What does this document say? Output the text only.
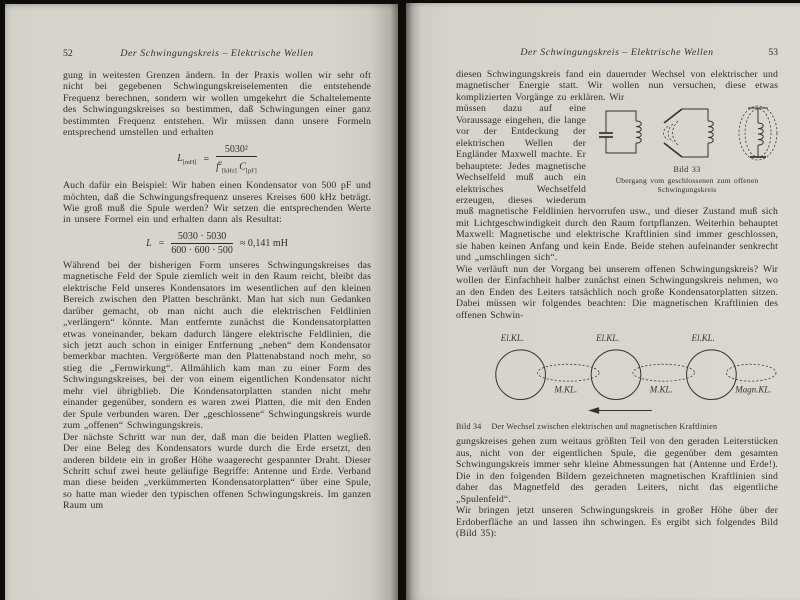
52	Der Schwingungskreis – Elektrische Wellen

gung in weitesten Grenzen ändern. In der Praxis wollen wir sehr oft nicht bei gegebenen Schwingungskreiselementen die entstehende Frequenz berechnen, sondern wir wollen umgekehrt die Schaltelemente des Schwingungskreises so bestimmen, daß Schwingungen einer ganz bestimmten Frequenz entstehen. Wir müssen dann unsere Formeln entsprechend umstellen und erhalten

$L_{[mH]} = \frac{\text{5030²}}{f^2_{[kHz]} C_{[pF]}}$

Auch dafür ein Beispiel: Wir haben einen Kondensator von 500 pF und möchten, daß die Schwingungsfrequenz unseres Kreises 600 kHz beträgt. Wie groß muß die Spule werden? Wir setzen die entsprechenden Werte in unsere Formel ein und erhalten dann als Resultat:

$L = \frac{5030 \cdot 5030}{600 \cdot 600 \cdot 500} \approx 0,141$ mH

Während bei der bisherigen Form unseres Schwingungskreises das magnetische Feld der Spule ziemlich weit in den Raum reicht, bleibt das elektrische Feld unseres Kondensators im wesentlichen auf den kleinen Bereich zwischen den Platten beschränkt. Man hat sich nun Gedanken darüber gemacht, ob man nicht auch die elektrischen Feldlinien „verlängern“ könnte. Man entfernte zunächst die Kondensatorplatten etwas voneinander, bekam dadurch längere elektrische Feldlinien, die sich jetzt auch schon in einiger Entfernung „neben“ dem Kondensator bemerkbar machten. Vergrößerte man den Plattenabstand noch mehr, so stieg die „Fernwirkung“. Allmählich kam man zu einer Form des Schwingungskreises, bei der von einem eigentlichen Kondensator nicht mehr viel übrigblieb. Die Kondensatorplatten standen nicht mehr einander gegenüber, sondern es waren zwei Platten, die mit den Enden der Spule verbunden waren. Der „geschlossene“ Schwingungskreis wurde zum „offenen“ Schwingungskreis.

Der nächste Schritt war nun der, daß man die beiden Platten wegließ. Der eine Beleg des Kondensators wurde durch die Erde ersetzt, den anderen bildete ein in großer Höhe waagerecht gespannter Draht. Dieser Schritt schuf zwei heute geläufige Begriffe: Antenne und Erde. Verband man diese beiden „verkümmerten Kondensatorplatten“ über eine Spule, so hatte man wieder den typischen offenen Schwingungskreis. Im ganzen Raum um

Der Schwingungskreis – Elektrische Wellen	53

diesen Schwingungskreis fand ein dauernder Wechsel von elektrischer und magnetischer Energie statt. Wir wollen nun versuchen, diese etwas komplizierten Vorgänge zu erklären. Wir

Bild 33
Übergang vom geschlossenen zum offenen
Schwingungskreis
müssen dazu auf eine Voraussage eingehen, die lange vor der Entdeckung der elektrischen Wellen der Engländer Maxwell machte. Er behauptete: Jedes magnetische Wechselfeld muß auch ein elektrisches Wechselfeld erzeugen, dieses wiederum muß magnetische Feldlinien hervorrufen usw., und dieser Zustand muß sich mit Lichtgeschwindigkeit durch den Raum fortpflanzen. Weiterhin behauptet Maxwell: Magnetische und elektrische Kraftlinien sind immer geschlossen, sie haben keinen Anfang und kein Ende. Beide stehen aufeinander senkrecht und „umschlingen sich“.

Wie verläuft nun der Vorgang bei unserem offenen Schwingungskreis? Wir wollen der Einfachheit halber zunächst einen Schwingungskreis nehmen, wo an den Enden des Leiters tatsächlich noch große Kondensatorplatten sitzen. Dabei müssen wir folgendes beachten: Die magnetischen Kraftlinien des offenen Schwin-

El.KL.	El.KL.	El.KL.
M.KL.	M.KL.	Magn.KL.
Bild 34 Der Wechsel zwischen elektrischen und magnetischen Kraftlinien

gungskreises gehen zum weitaus größten Teil von den geraden Leiterstücken aus, nicht von der eigentlichen Spule, die gegenüber dem gesamten Schwingungskreis immer sehr kleine Abmessungen hat (Antenne und Erde!). Die in den folgenden Bildern gezeichneten magnetischen Kraftlinien sind daher das Magnetfeld des geraden Leiters, nicht das eigentliche „Spulenfeld“.

Wir bringen jetzt unseren Schwingungskreis in großer Höhe über der Erdoberfläche an und lassen ihn schwingen. Es ergibt sich folgendes Bild (Bild 35):
